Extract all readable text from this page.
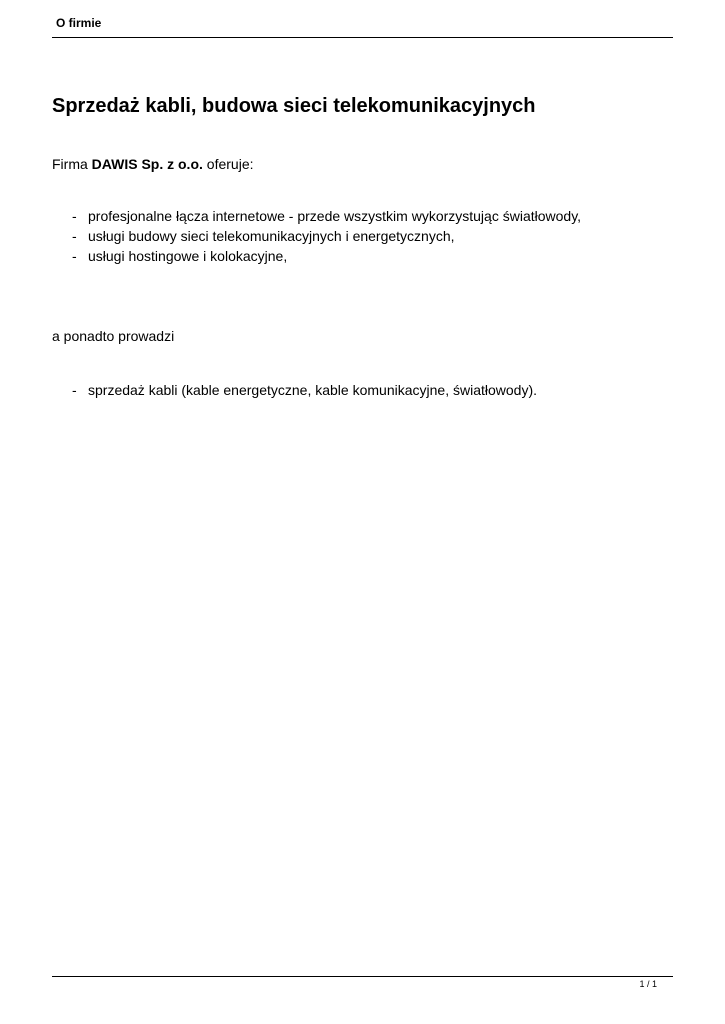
O firmie
Sprzedaż kabli, budowa sieci telekomunikacyjnych

Firma DAWIS Sp. z o.o. oferuje:

- profesjonalne łącza internetowe - przede wszystkim wykorzystując światłowody,
- usługi budowy sieci telekomunikacyjnych i energetycznych,
- usługi hostingowe i kolokacyjne,

a ponadto prowadzi

- sprzedaż kabli (kable energetyczne, kable komunikacyjne, światłowody).
1 / 1
